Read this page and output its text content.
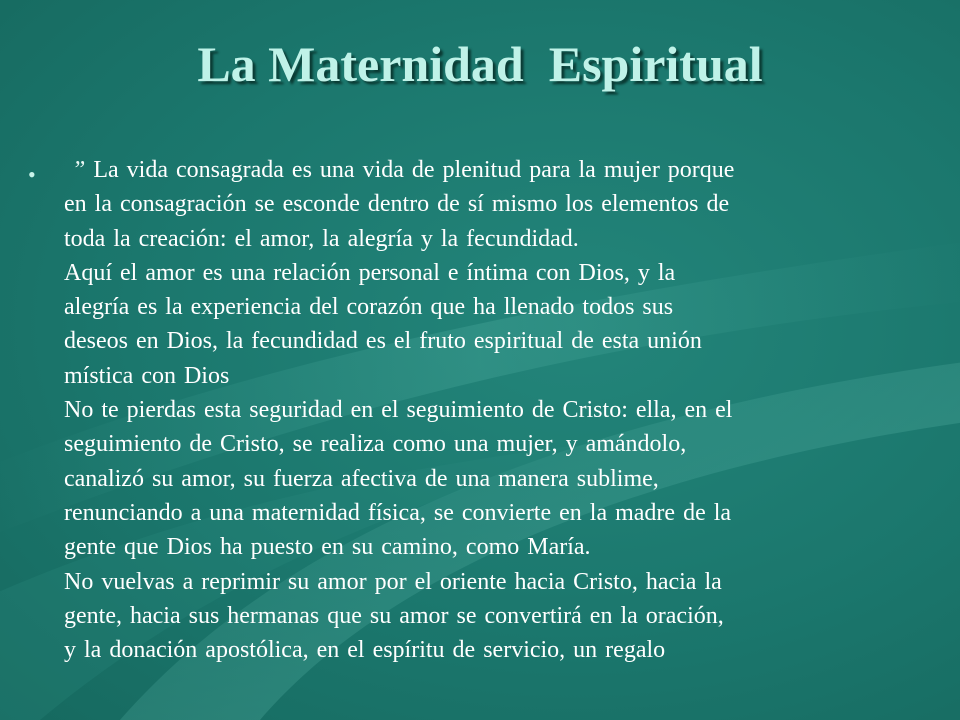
La Maternidad  Espiritual
•	” La vida consagrada es una vida de plenitud para la mujer porque
en la consagración se esconde dentro de sí mismo los elementos de
toda la creación: el amor, la alegría y la fecundidad.
Aquí el amor es una relación personal e íntima con Dios, y la
alegría es la experiencia del corazón que ha llenado todos sus
deseos en Dios, la fecundidad es el fruto espiritual de esta unión
mística con Dios
No te pierdas esta seguridad en el seguimiento de Cristo: ella, en el
seguimiento de Cristo, se realiza como una mujer, y amándolo,
canalizó su amor, su fuerza afectiva de una manera sublime,
renunciando a una maternidad física, se convierte en la madre de la
gente que Dios ha puesto en su camino, como María.
No vuelvas a reprimir su amor por el oriente hacia Cristo, hacia la
gente, hacia sus hermanas que su amor se convertirá en la oración,
y la donación apostólica, en el espíritu de servicio, un regalo
